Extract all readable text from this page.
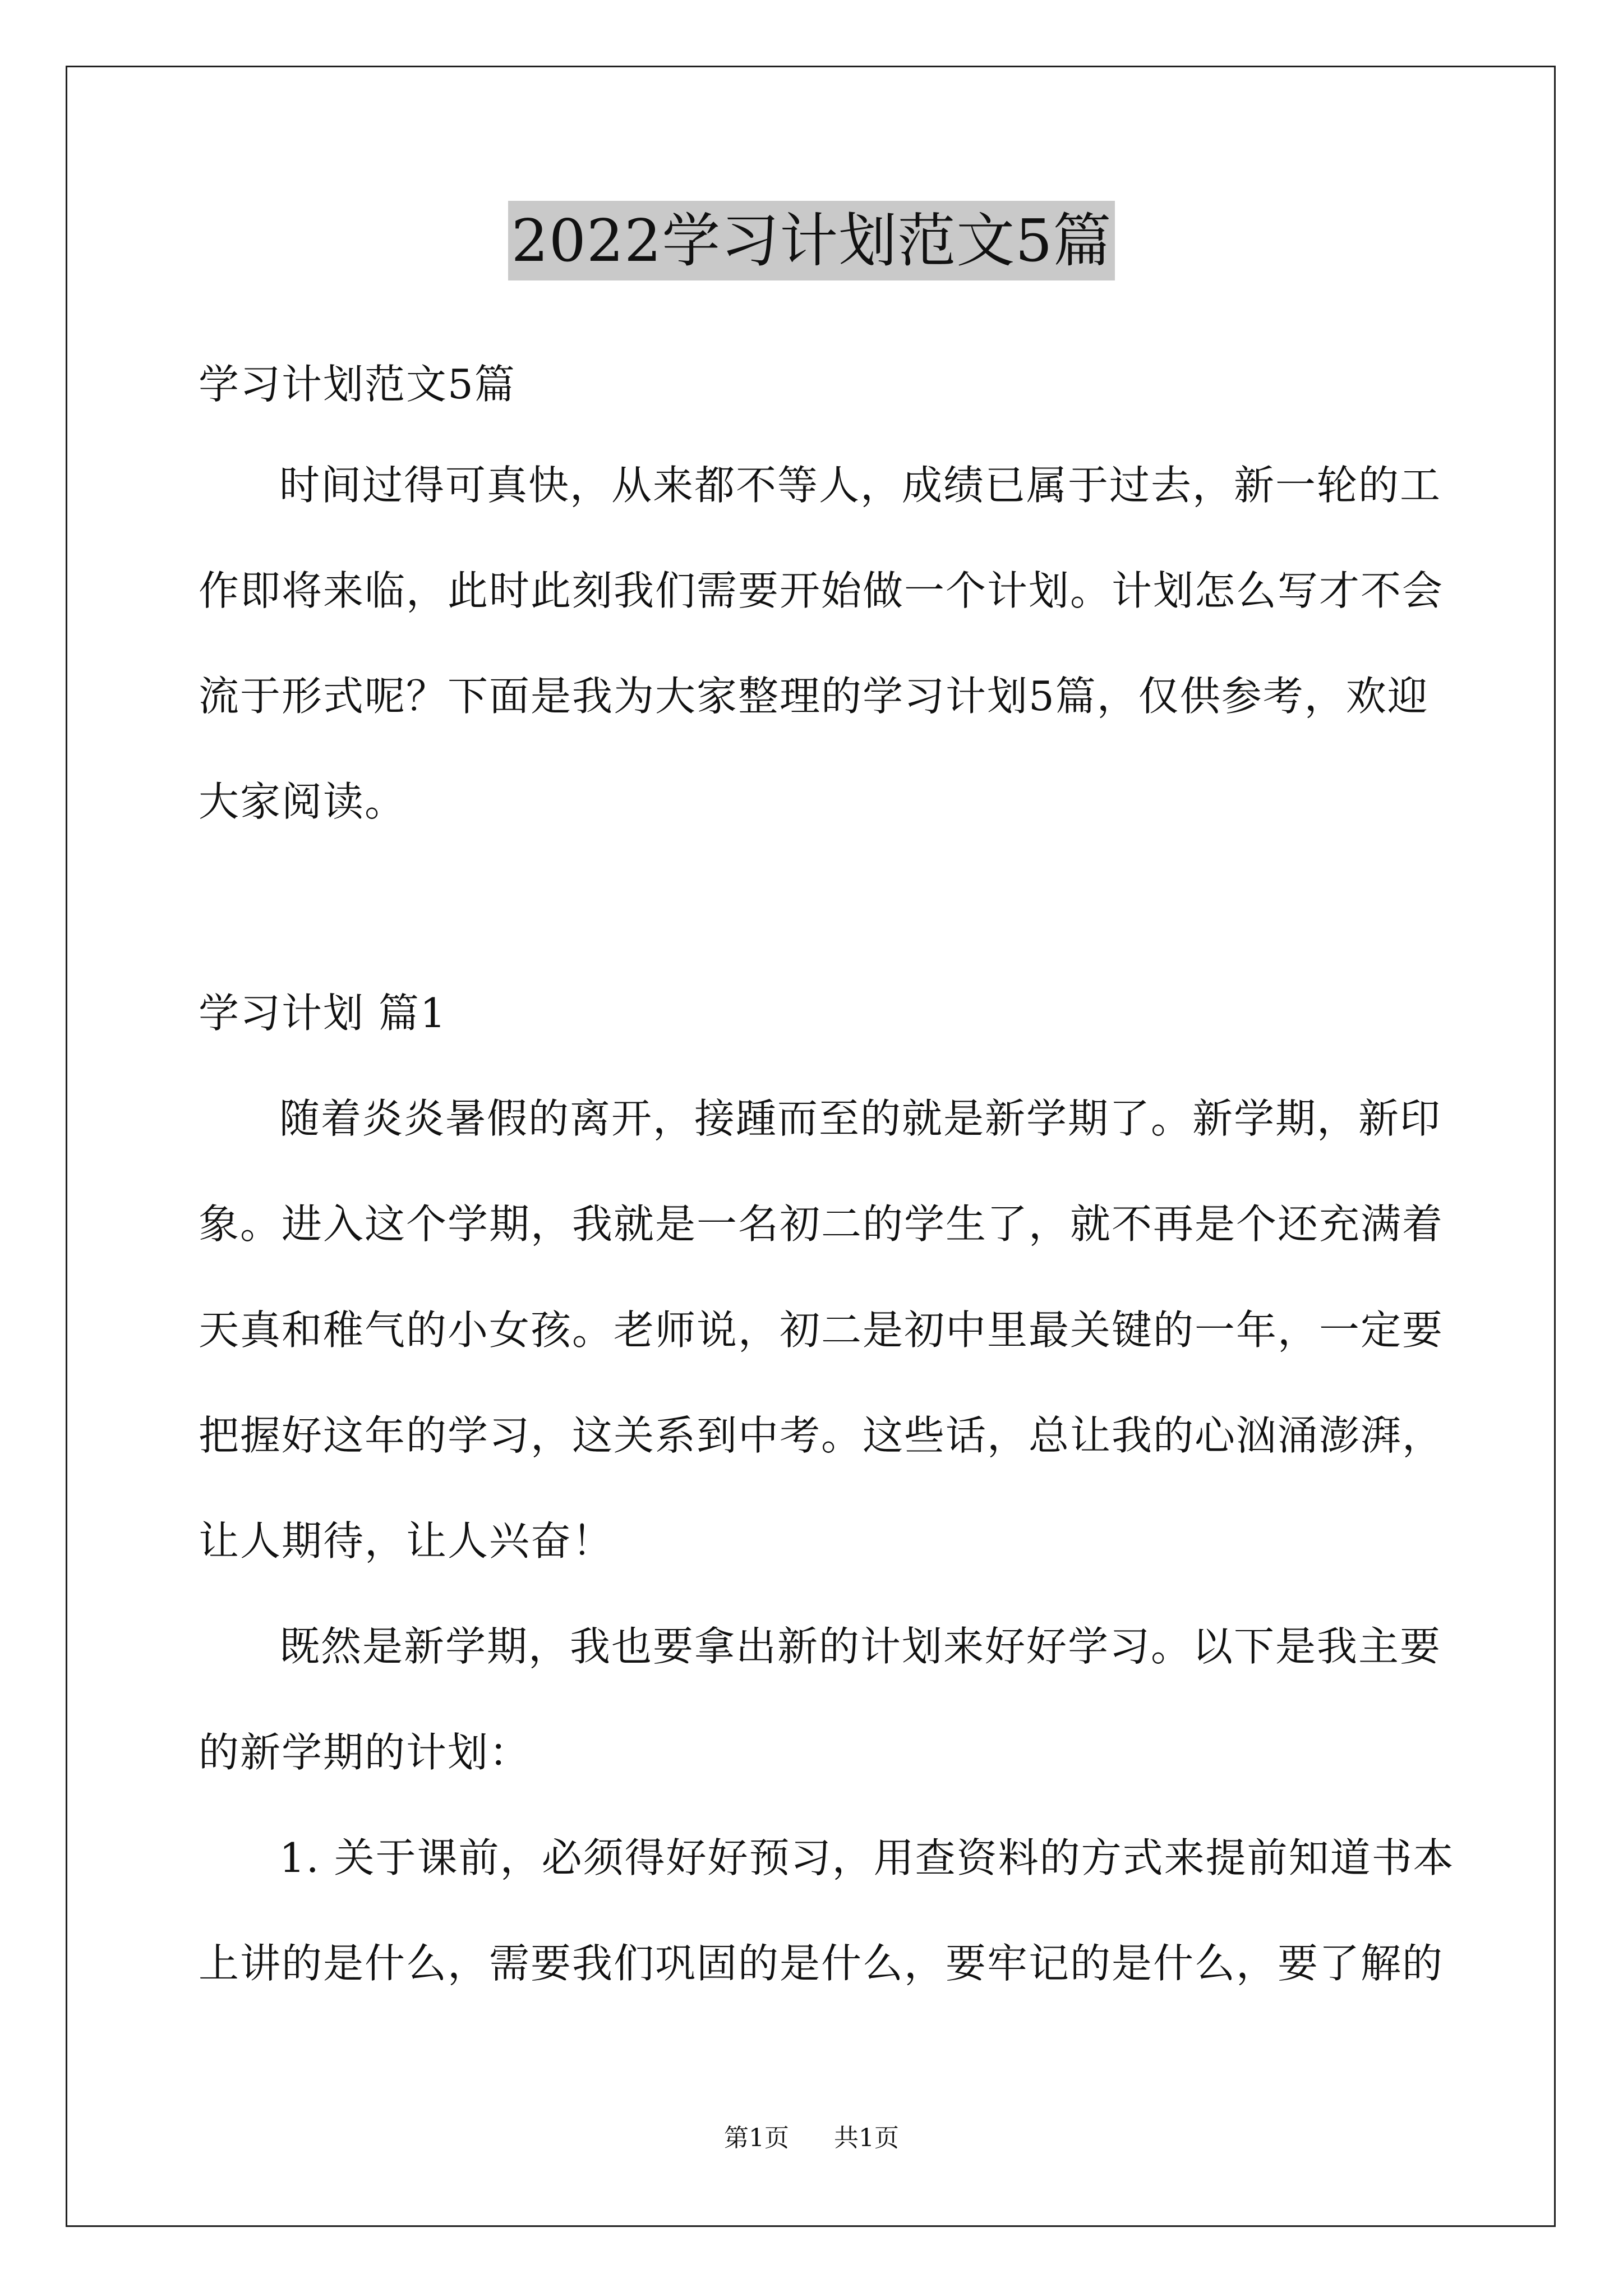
2022学习计划范文5篇
学习计划范文5篇
时间过得可真快，从来都不等人，成绩已属于过去，新一轮的工
作即将来临，此时此刻我们需要开始做一个计划。计划怎么写才不会
流于形式呢？下面是我为大家整理的学习计划5篇，仅供参考，欢迎
大家阅读。
学习计划 篇1
随着炎炎暑假的离开，接踵而至的就是新学期了。新学期，新印
象。进入这个学期，我就是一名初二的学生了，就不再是个还充满着
天真和稚气的小女孩。老师说，初二是初中里最关键的一年，一定要
把握好这年的学习，这关系到中考。这些话，总让我的心汹涌澎湃，
让人期待，让人兴奋！
既然是新学期，我也要拿出新的计划来好好学习。以下是我主要
的新学期的计划：
1. 关于课前，必须得好好预习，用查资料的方式来提前知道书本
上讲的是什么，需要我们巩固的是什么，要牢记的是什么，要了解的
第1页 共1页
